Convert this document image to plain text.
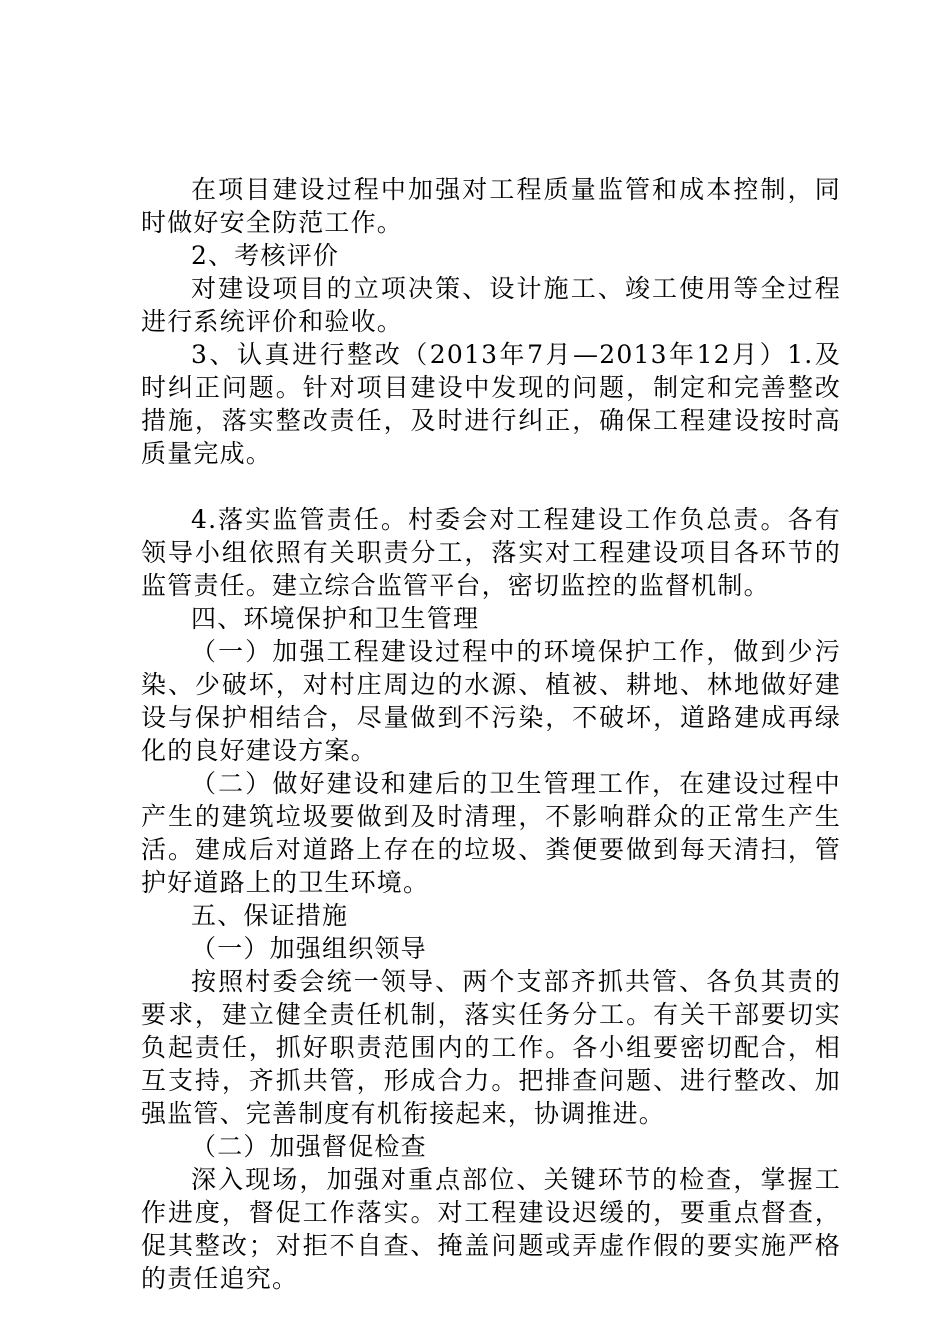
在项目建设过程中加强对工程质量监管和成本控制，同时做好安全防范工作。

2、考核评价

对建设项目的立项决策、设计施工、竣工使用等全过程进行系统评价和验收。

3、认真进行整改（2013年7月—2013年12月）1.及时纠正问题。针对项目建设中发现的问题，制定和完善整改措施，落实整改责任，及时进行纠正，确保工程建设按时高质量完成。

4.落实监管责任。村委会对工程建设工作负总责。各有领导小组依照有关职责分工，落实对工程建设项目各环节的监管责任。建立综合监管平台，密切监控的监督机制。

四、环境保护和卫生管理

（一）加强工程建设过程中的环境保护工作，做到少污染、少破坏，对村庄周边的水源、植被、耕地、林地做好建设与保护相结合，尽量做到不污染，不破坏，道路建成再绿化的良好建设方案。

（二）做好建设和建后的卫生管理工作，在建设过程中产生的建筑垃圾要做到及时清理，不影响群众的正常生产生活。建成后对道路上存在的垃圾、粪便要做到每天清扫，管护好道路上的卫生环境。

五、保证措施

（一）加强组织领导

按照村委会统一领导、两个支部齐抓共管、各负其责的要求，建立健全责任机制，落实任务分工。有关干部要切实负起责任，抓好职责范围内的工作。各小组要密切配合，相互支持，齐抓共管，形成合力。把排查问题、进行整改、加强监管、完善制度有机衔接起来，协调推进。

（二）加强督促检查

深入现场，加强对重点部位、关键环节的检查，掌握工作进度，督促工作落实。对工程建设迟缓的，要重点督查，促其整改；对拒不自查、掩盖问题或弄虚作假的要实施严格的责任追究。
